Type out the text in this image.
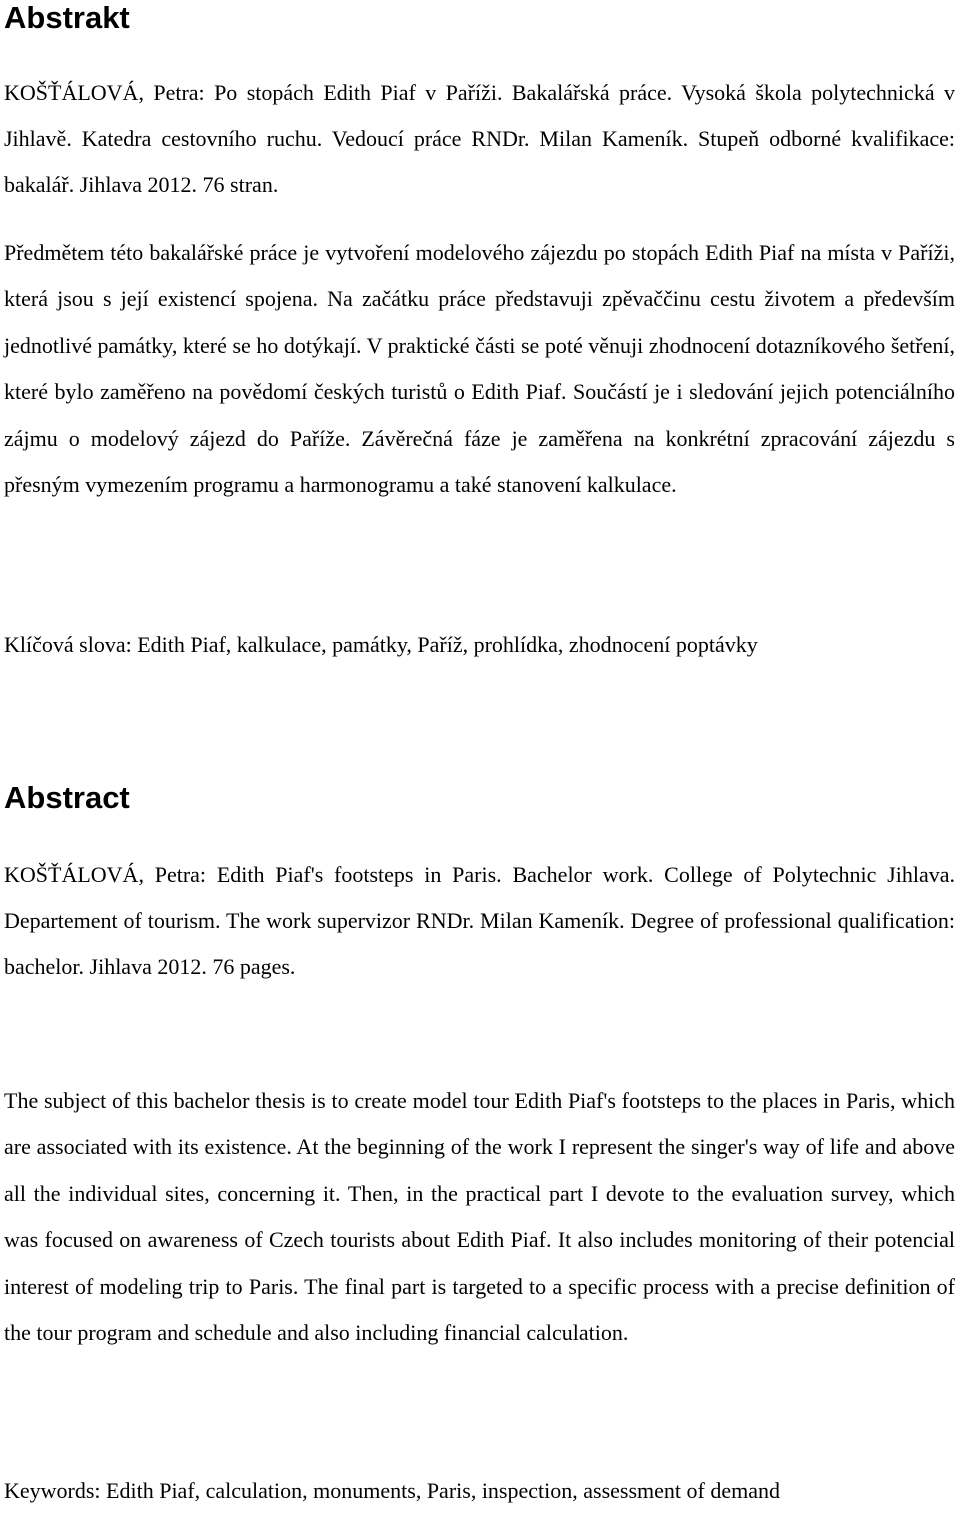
Abstrakt

KOŠŤÁLOVÁ, Petra: Po stopách Edith Piaf v Paříži. Bakalářská práce. Vysoká škola polytechnická v Jihlavě. Katedra cestovního ruchu. Vedoucí práce RNDr. Milan Kameník. Stupeň odborné kvalifikace: bakalář. Jihlava 2012. 76 stran.

Předmětem této bakalářské práce je vytvoření modelového zájezdu po stopách Edith Piaf na místa v Paříži, která jsou s její existencí spojena. Na začátku práce představuji zpěvaččinu cestu životem a především jednotlivé památky, které se ho dotýkají. V praktické části se poté věnuji zhodnocení dotazníkového šetření, které bylo zaměřeno na povědomí českých turistů o Edith Piaf. Součástí je i sledování jejich potenciálního zájmu o modelový zájezd do Paříže. Závěrečná fáze je zaměřena na konkrétní zpracování zájezdu s přesným vymezením programu a harmonogramu a také stanovení kalkulace.

Klíčová slova: Edith Piaf, kalkulace, památky, Paříž, prohlídka, zhodnocení poptávky

Abstract

KOŠŤÁLOVÁ, Petra: Edith Piaf's footsteps in Paris. Bachelor work. College of Polytechnic Jihlava. Departement of tourism. The work supervizor RNDr. Milan Kameník. Degree of professional qualification: bachelor. Jihlava 2012. 76 pages.

The subject of this bachelor thesis is to create model tour Edith Piaf's footsteps to the places in Paris, which are associated with its existence. At the beginning of the work I represent the singer's way of life and above all the individual sites, concerning it. Then, in the practical part I devote to the evaluation survey, which was focused on awareness of Czech tourists about Edith Piaf. It also includes monitoring of their potencial interest of modeling trip to Paris. The final part is targeted to a specific process with a precise definition of the tour program and schedule and also including financial calculation.

Keywords: Edith Piaf, calculation, monuments, Paris, inspection, assessment of demand
